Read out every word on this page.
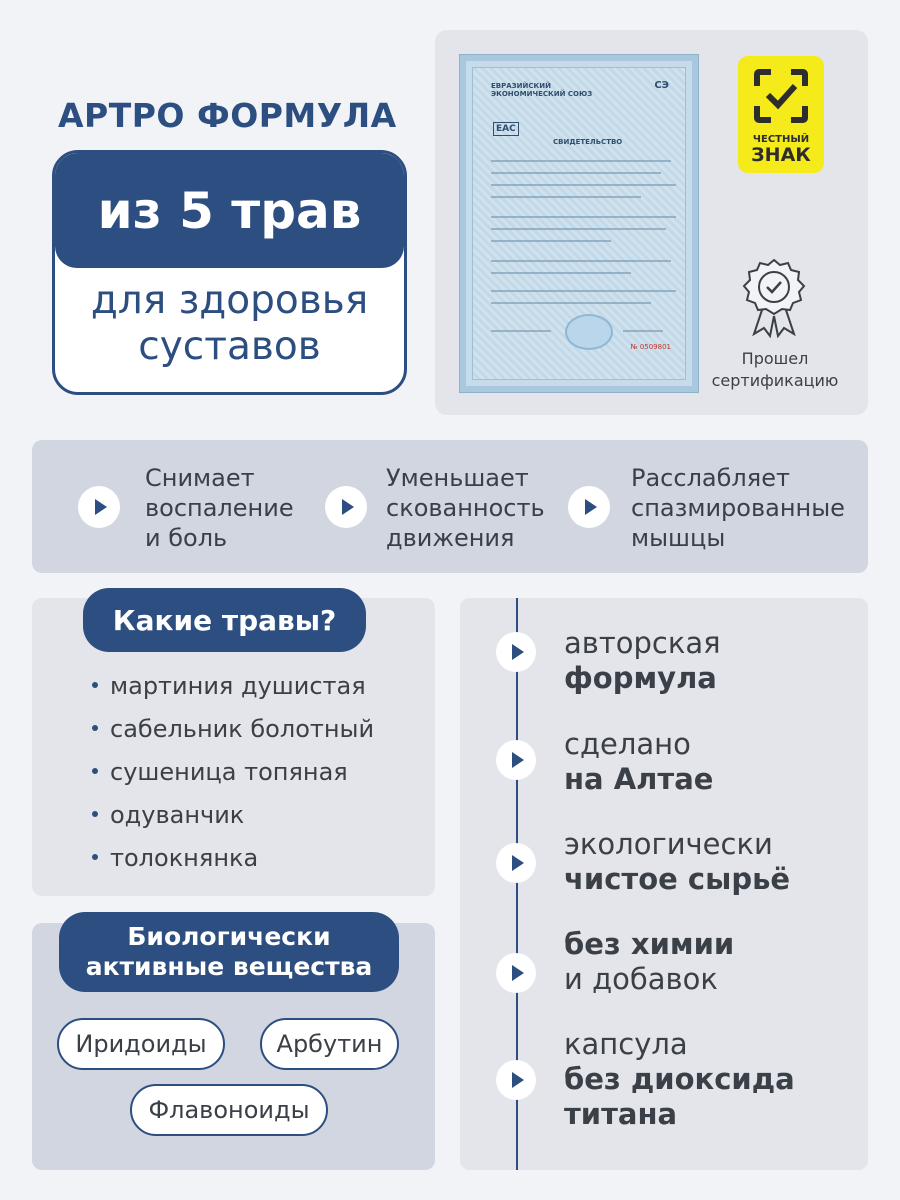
АРТРО ФОРМУЛА
из 5 трав
для здоровья
суставов
ЕВРАЗИЙСКИЙ ЭКОНОМИЧЕСКИЙ СОЮЗ
СЭ
EAC
СВИДЕТЕЛЬСТВО
№ 0509801
ЧЕСТНЫЙ
ЗНАК
Прошел
сертификацию
Снимает
воспаление
и боль
Уменьшает
скованность
движения
Расслабляет
спазмированные
мышцы
Какие травы?
мартиния душистая
сабельник болотный
сушеница топяная
одуванчик
толокнянка
Биологически
активные вещества
Иридоиды	Арбутин
Флавоноиды
авторская
формула
сделано
на Алтае
экологически
чистое сырьё
без химии
и добавок
капсула
без диоксида
титана
